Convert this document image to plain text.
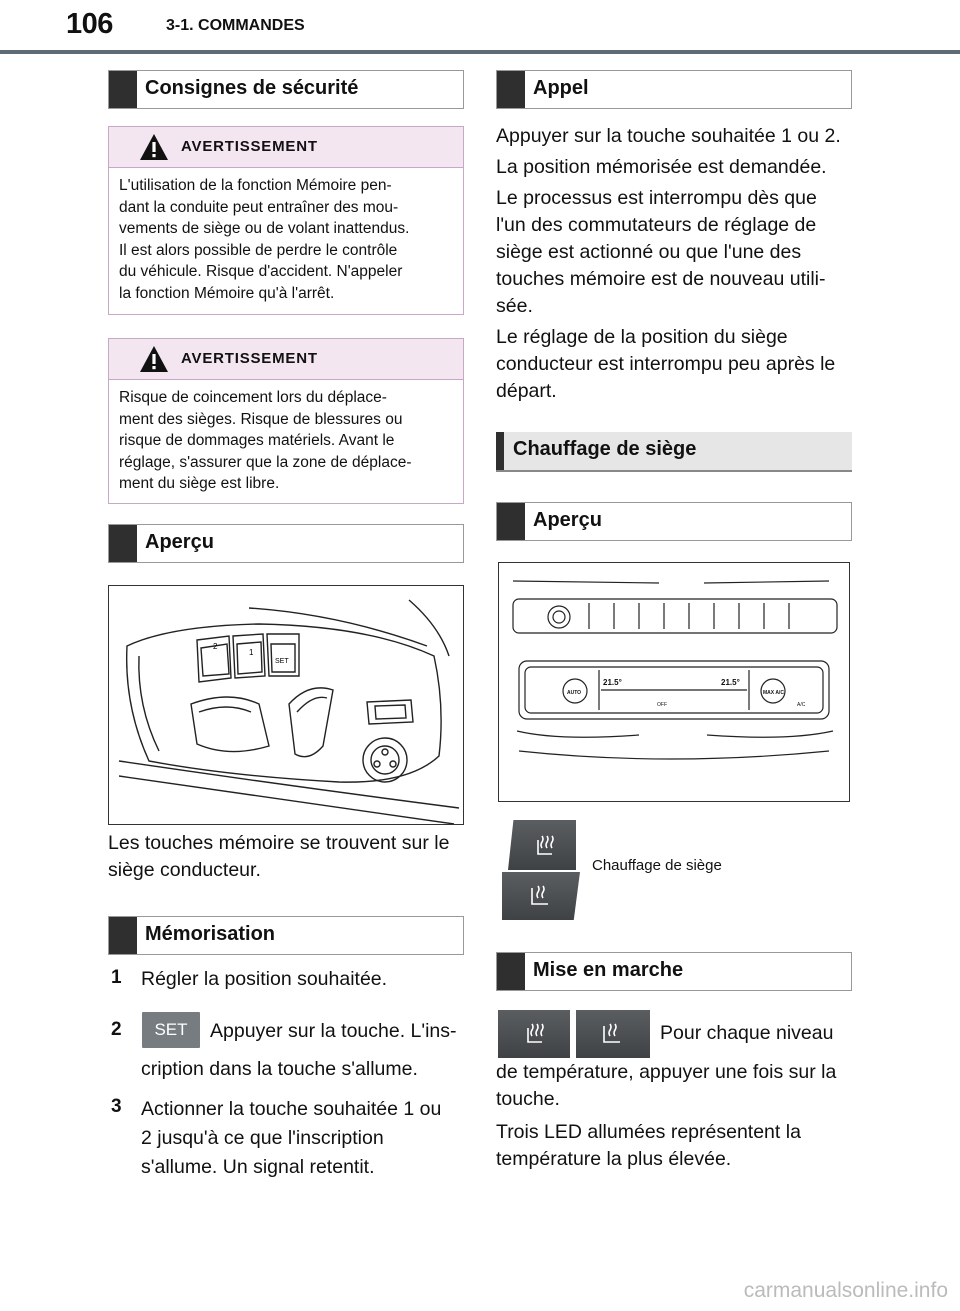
106	3-1. COMMANDES
Consignes de sécurité
AVERTISSEMENT
L'utilisation de la fonction Mémoire pen-
dant la conduite peut entraîner des mou-
vements de siège ou de volant inattendus.
Il est alors possible de perdre le contrôle
du véhicule. Risque d'accident. N'appeler
la fonction Mémoire qu'à l'arrêt.
AVERTISSEMENT
Risque de coincement lors du déplace-
ment des sièges. Risque de blessures ou
risque de dommages matériels. Avant le
réglage, s'assurer que la zone de déplace-
ment du siège est libre.
Aperçu
2
1
SET
Les touches mémoire se trouvent sur le
siège conducteur.
Mémorisation
1 Régler la position souhaitée.
2	SET	Appuyer sur la touche. L'ins-
cription dans la touche s'allume.
3 Actionner la touche souhaitée 1 ou
2 jusqu'à ce que l'inscription
s'allume. Un signal retentit.
Appel
Appuyer sur la touche souhaitée 1 ou 2.
La position mémorisée est demandée.
Le processus est interrompu dès que
l'un des commutateurs de réglage de
siège est actionné ou que l'une des
touches mémoire est de nouveau utili-
sée.
Le réglage de la position du siège
conducteur est interrompu peu après le
départ.
Chauffage de siège
Aperçu
21.5°	21.5°
AUTO	MAX A/C
A/C
OFF
Chauffage de siège
Mise en marche
Pour chaque niveau
de température, appuyer une fois sur la
touche.
Trois LED allumées représentent la
température la plus élevée.
carmanualsonline.info
